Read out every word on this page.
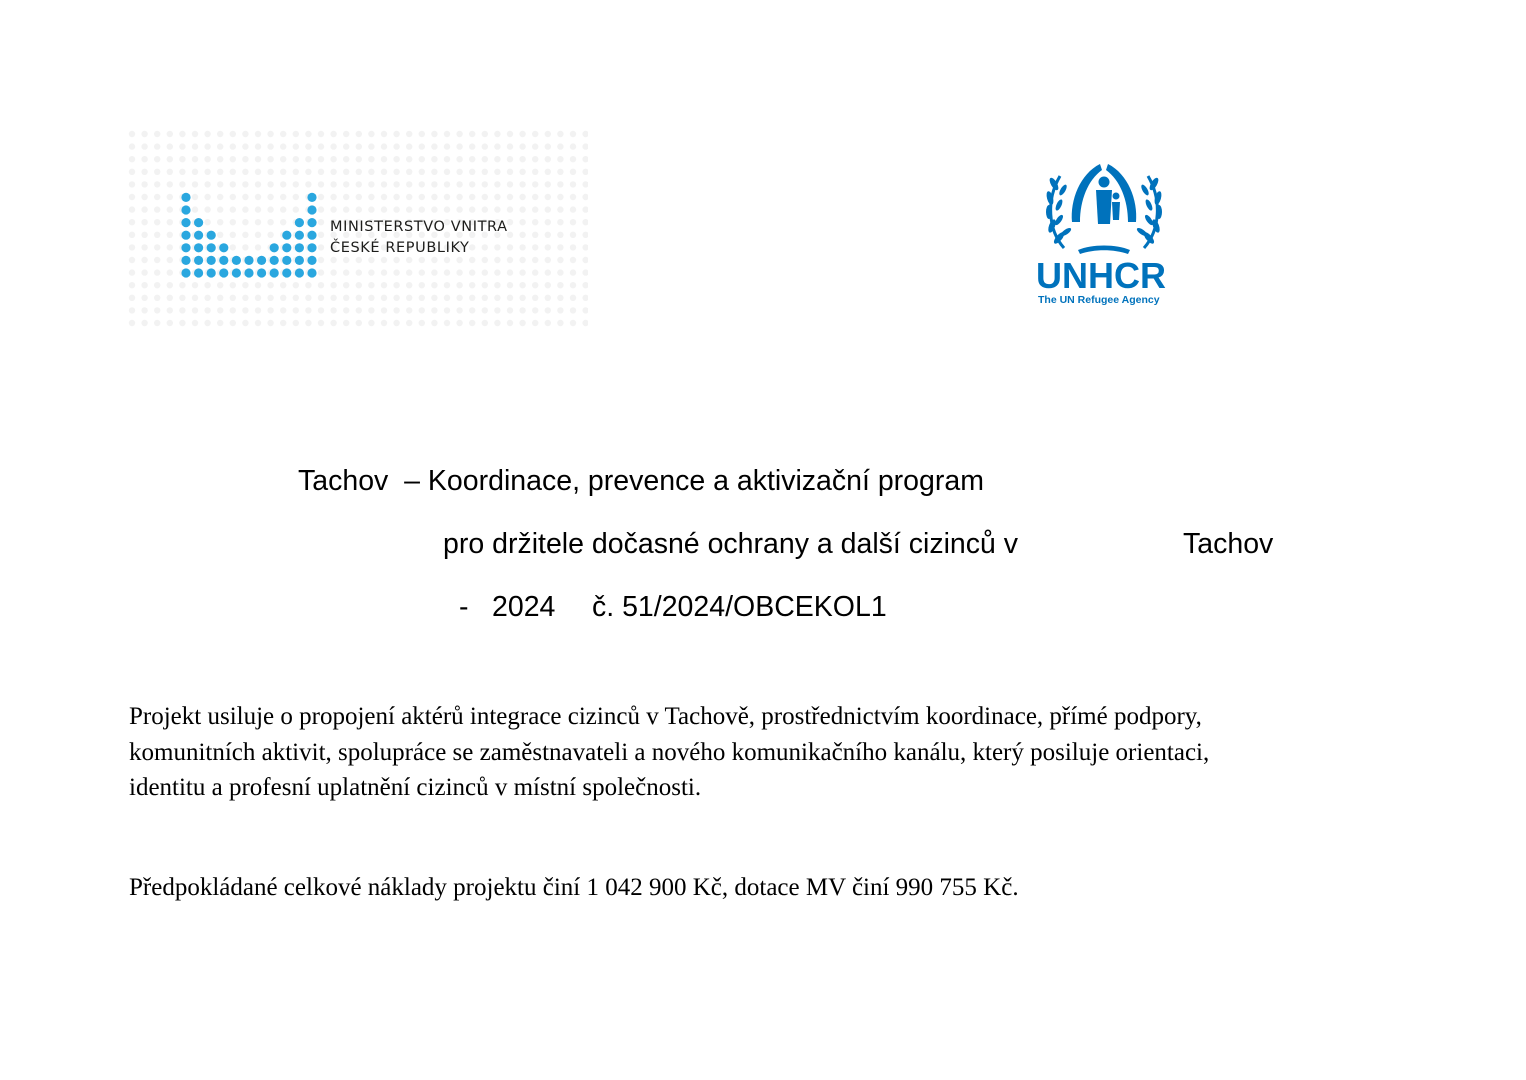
MINISTERSTVO VNITRA
ČESKÉ REPUBLIKY
UNHCR
The UN Refugee Agency
Tachov  – Koordinace, prevence a aktivizační program
pro držitele dočasné ochrany a další cizinců v	Tachov
- 2024 č. 51/2024/OBCEKOL1
Projekt usiluje o propojení aktérů integrace cizinců v Tachově, prostřednictvím koordinace, přímé podpory,
komunitních aktivit, spolupráce se zaměstnavateli a nového komunikačního kanálu, který posiluje orientaci,
identitu a profesní uplatnění cizinců v místní společnosti.
Předpokládané celkové náklady projektu činí 1 042 900 Kč, dotace MV činí 990 755 Kč.
